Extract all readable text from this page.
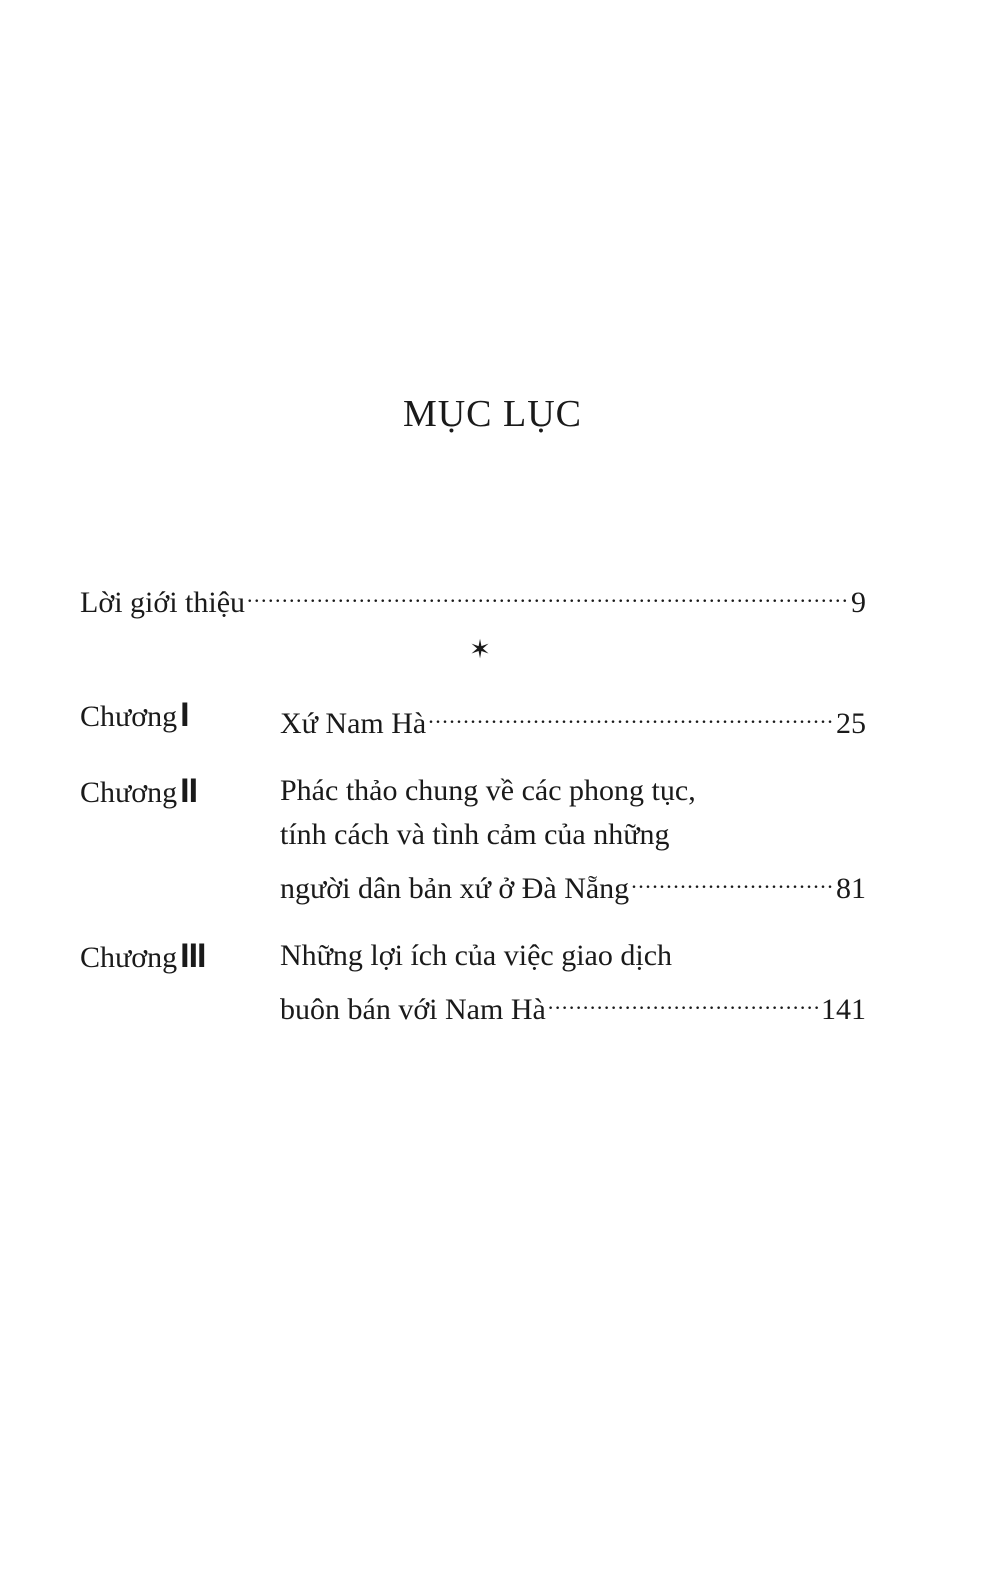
MỤC LỤC
Lời giới thiệu .....	9
✶
ChươngI	Xứ Nam Hà .....	25
ChươngII	Phác thảo chung về các phong tục,
tính cách và tình cảm của những
người dân bản xứ ở Đà Nẵng .....	81
ChươngIII Những lợi ích của việc giao dịch
buôn bán với Nam Hà .....	141
